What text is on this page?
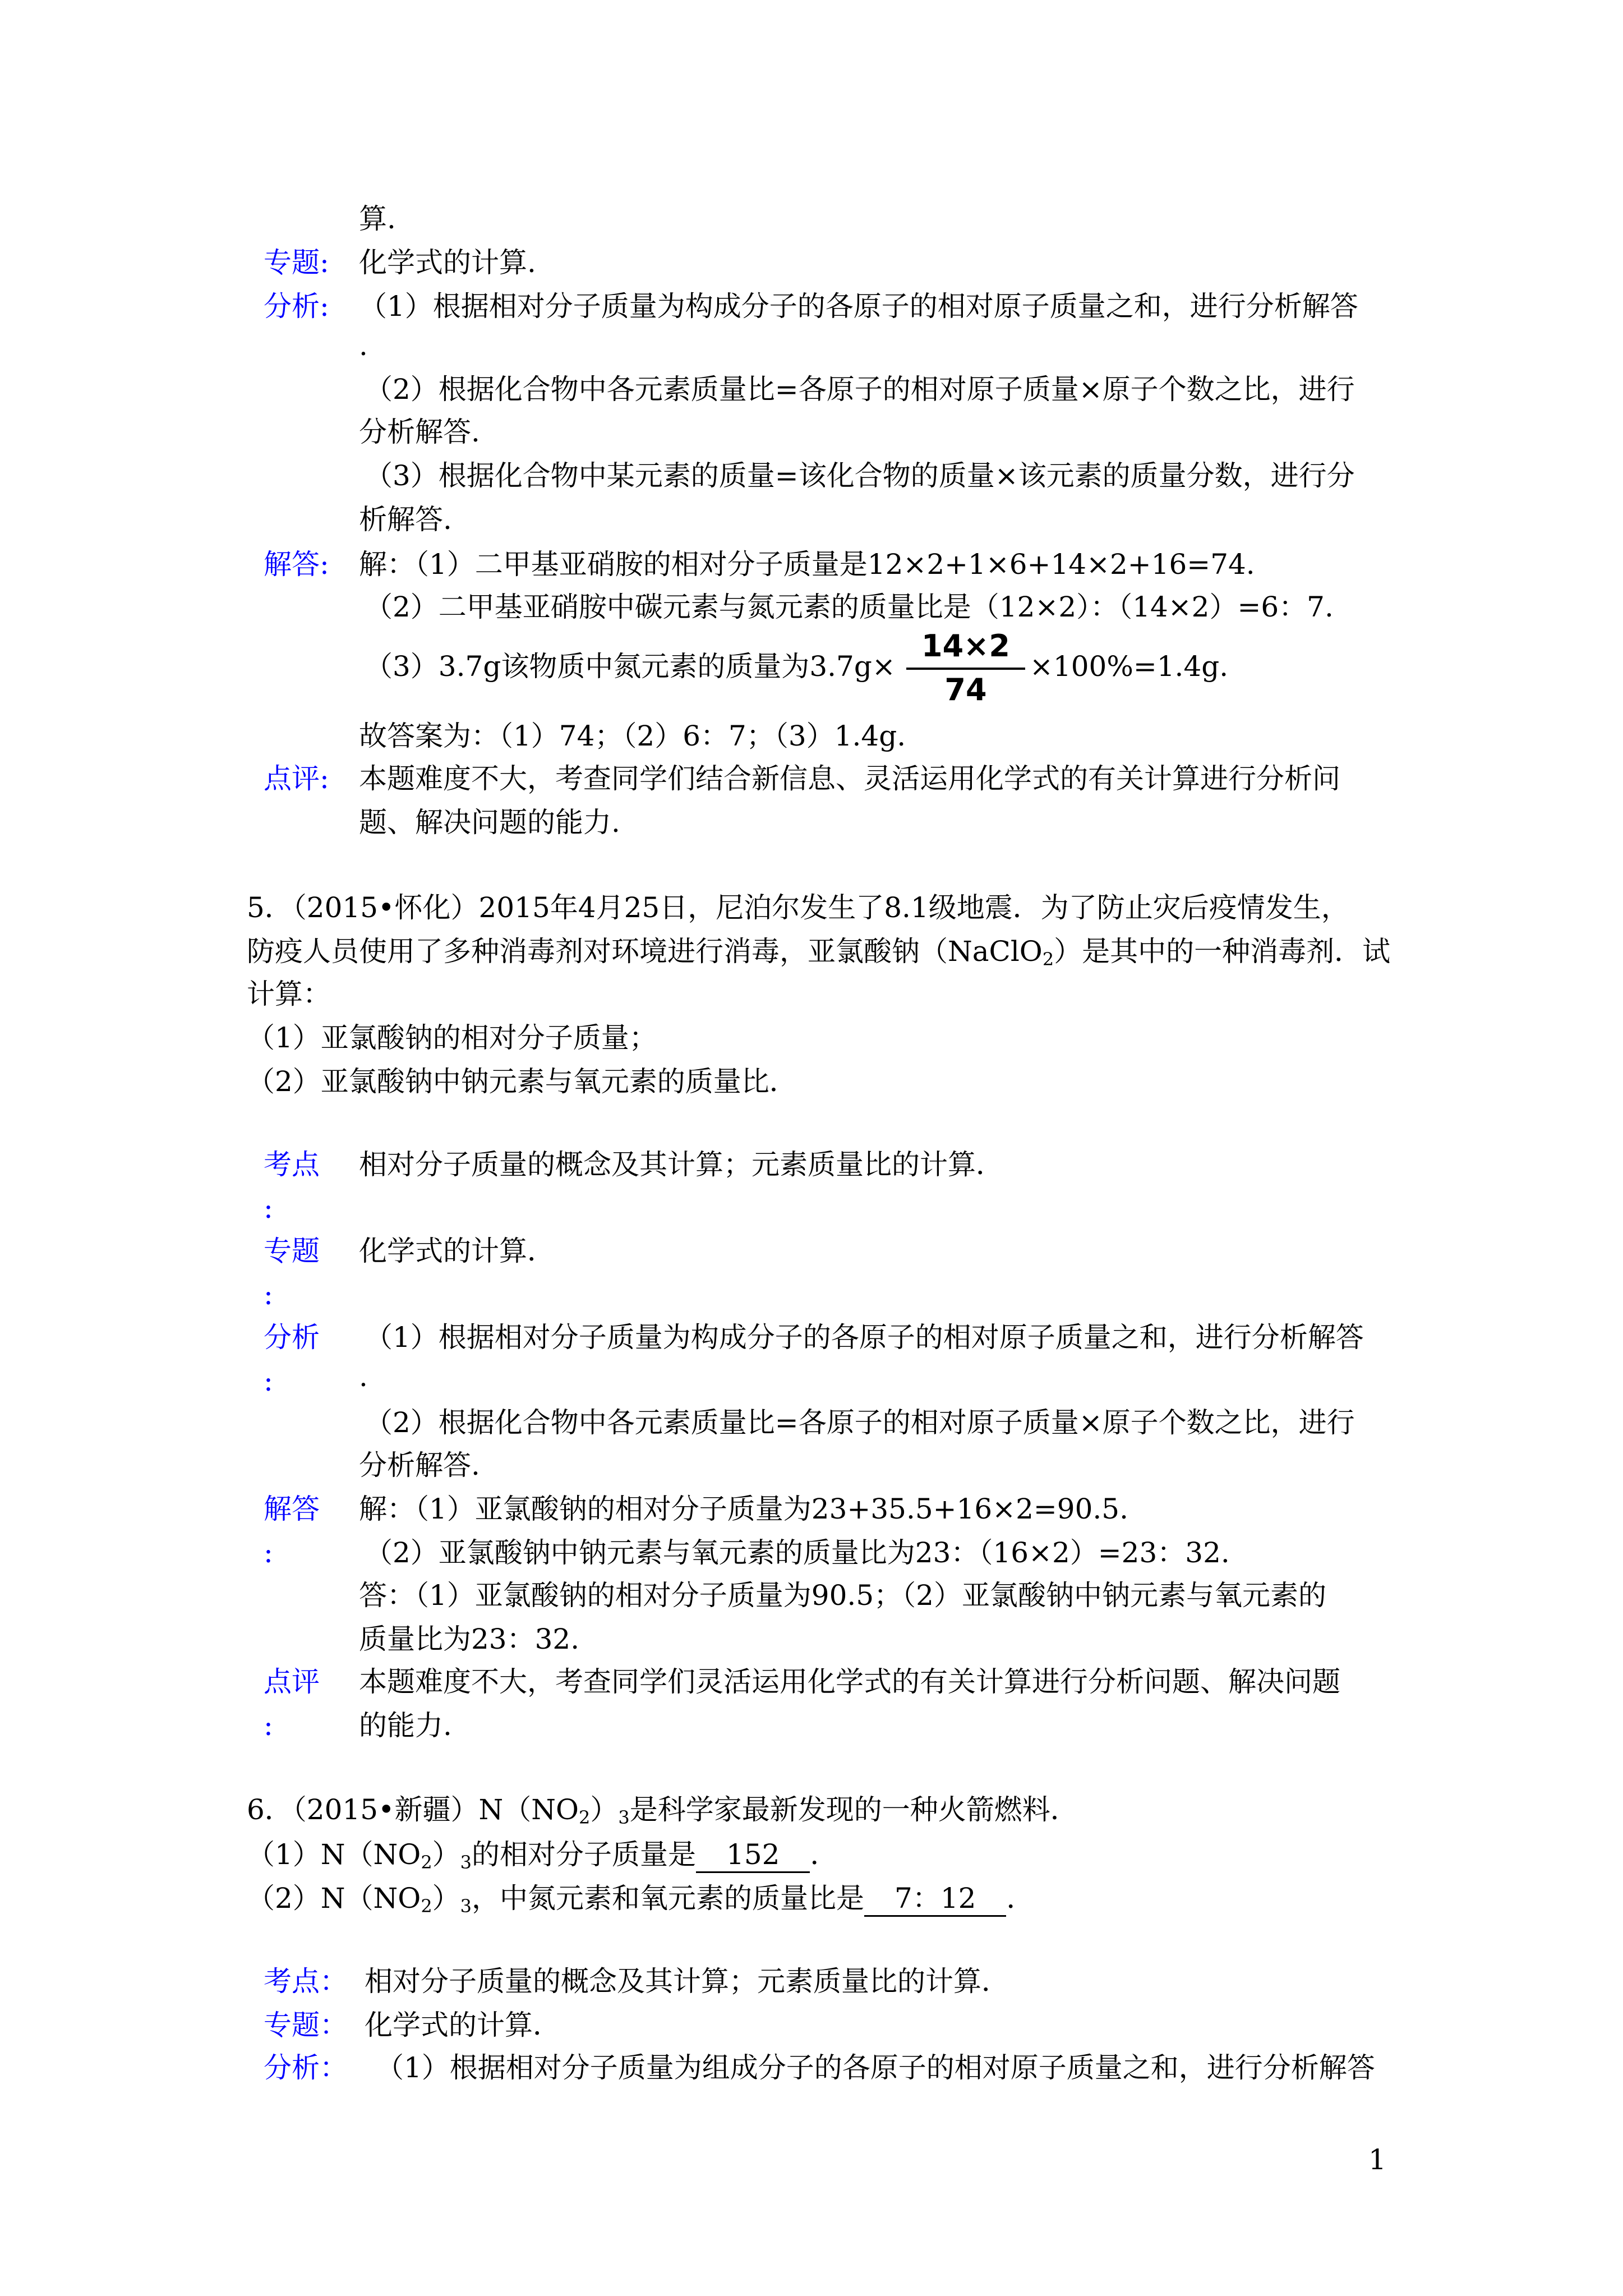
算.
专题: 化学式的计算.
分析: （1）根据相对分子质量为构成分子的各原子的相对原子质量之和，进行分析解答
.
（2）根据化合物中各元素质量比=各原子的相对原子质量×原子个数之比，进行
分析解答.
（3）根据化合物中某元素的质量=该化合物的质量×该元素的质量分数，进行分
析解答.
解答: 解：（1）二甲基亚硝胺的相对分子质量是12×2+1×6+14×2+16=74.
（2）二甲基亚硝胺中碳元素与氮元素的质量比是（12×2）：（14×2）=6：7.
（3）3.7g该物质中氮元素的质量为3.7g×
14×2
74
×100%=1.4g.
故答案为：（1）74；（2）6：7；（3）1.4g.
点评: 本题难度不大，考查同学们结合新信息、灵活运用化学式的有关计算进行分析问
题、解决问题的能力.
5．（2015•怀化）2015年4月25日，尼泊尔发生了8.1级地震．为了防止灾后疫情发生，
防疫人员使用了多种消毒剂对环境进行消毒，亚氯酸钠（NaClO$_2$）是其中的一种消毒剂．试
计算：
（1）亚氯酸钠的相对分子质量；
（2）亚氯酸钠中钠元素与氧元素的质量比．
考点
:
相对分子质量的概念及其计算；元素质量比的计算．
专题
:
化学式的计算．
分析
:
（1）根据相对分子质量为构成分子的各原子的相对原子质量之和，进行分析解答
.
（2）根据化合物中各元素质量比=各原子的相对原子质量×原子个数之比，进行
分析解答.
解答
:
解：（1）亚氯酸钠的相对分子质量为23+35.5+16×2=90.5.
（2）亚氯酸钠中钠元素与氧元素的质量比为23：（16×2）=23：32.
答：（1）亚氯酸钠的相对分子质量为90.5；（2）亚氯酸钠中钠元素与氧元素的
质量比为23：32.
点评
:
本题难度不大，考查同学们灵活运用化学式的有关计算进行分析问题、解决问题
的能力.
6．（2015•新疆）$N(NO_2)_3$是科学家最新发现的一种火箭燃料．
$(1)N(NO_2)_3$的相对分子质量是　152　．
$(2)N(NO_2)_3$，中氮元素和氧元素的质量比是　7：12　．
考点： 相对分子质量的概念及其计算；元素质量比的计算．
专题： 化学式的计算．
分析： （1）根据相对分子质量为组成分子的各原子的相对原子质量之和，进行分析解答
1
